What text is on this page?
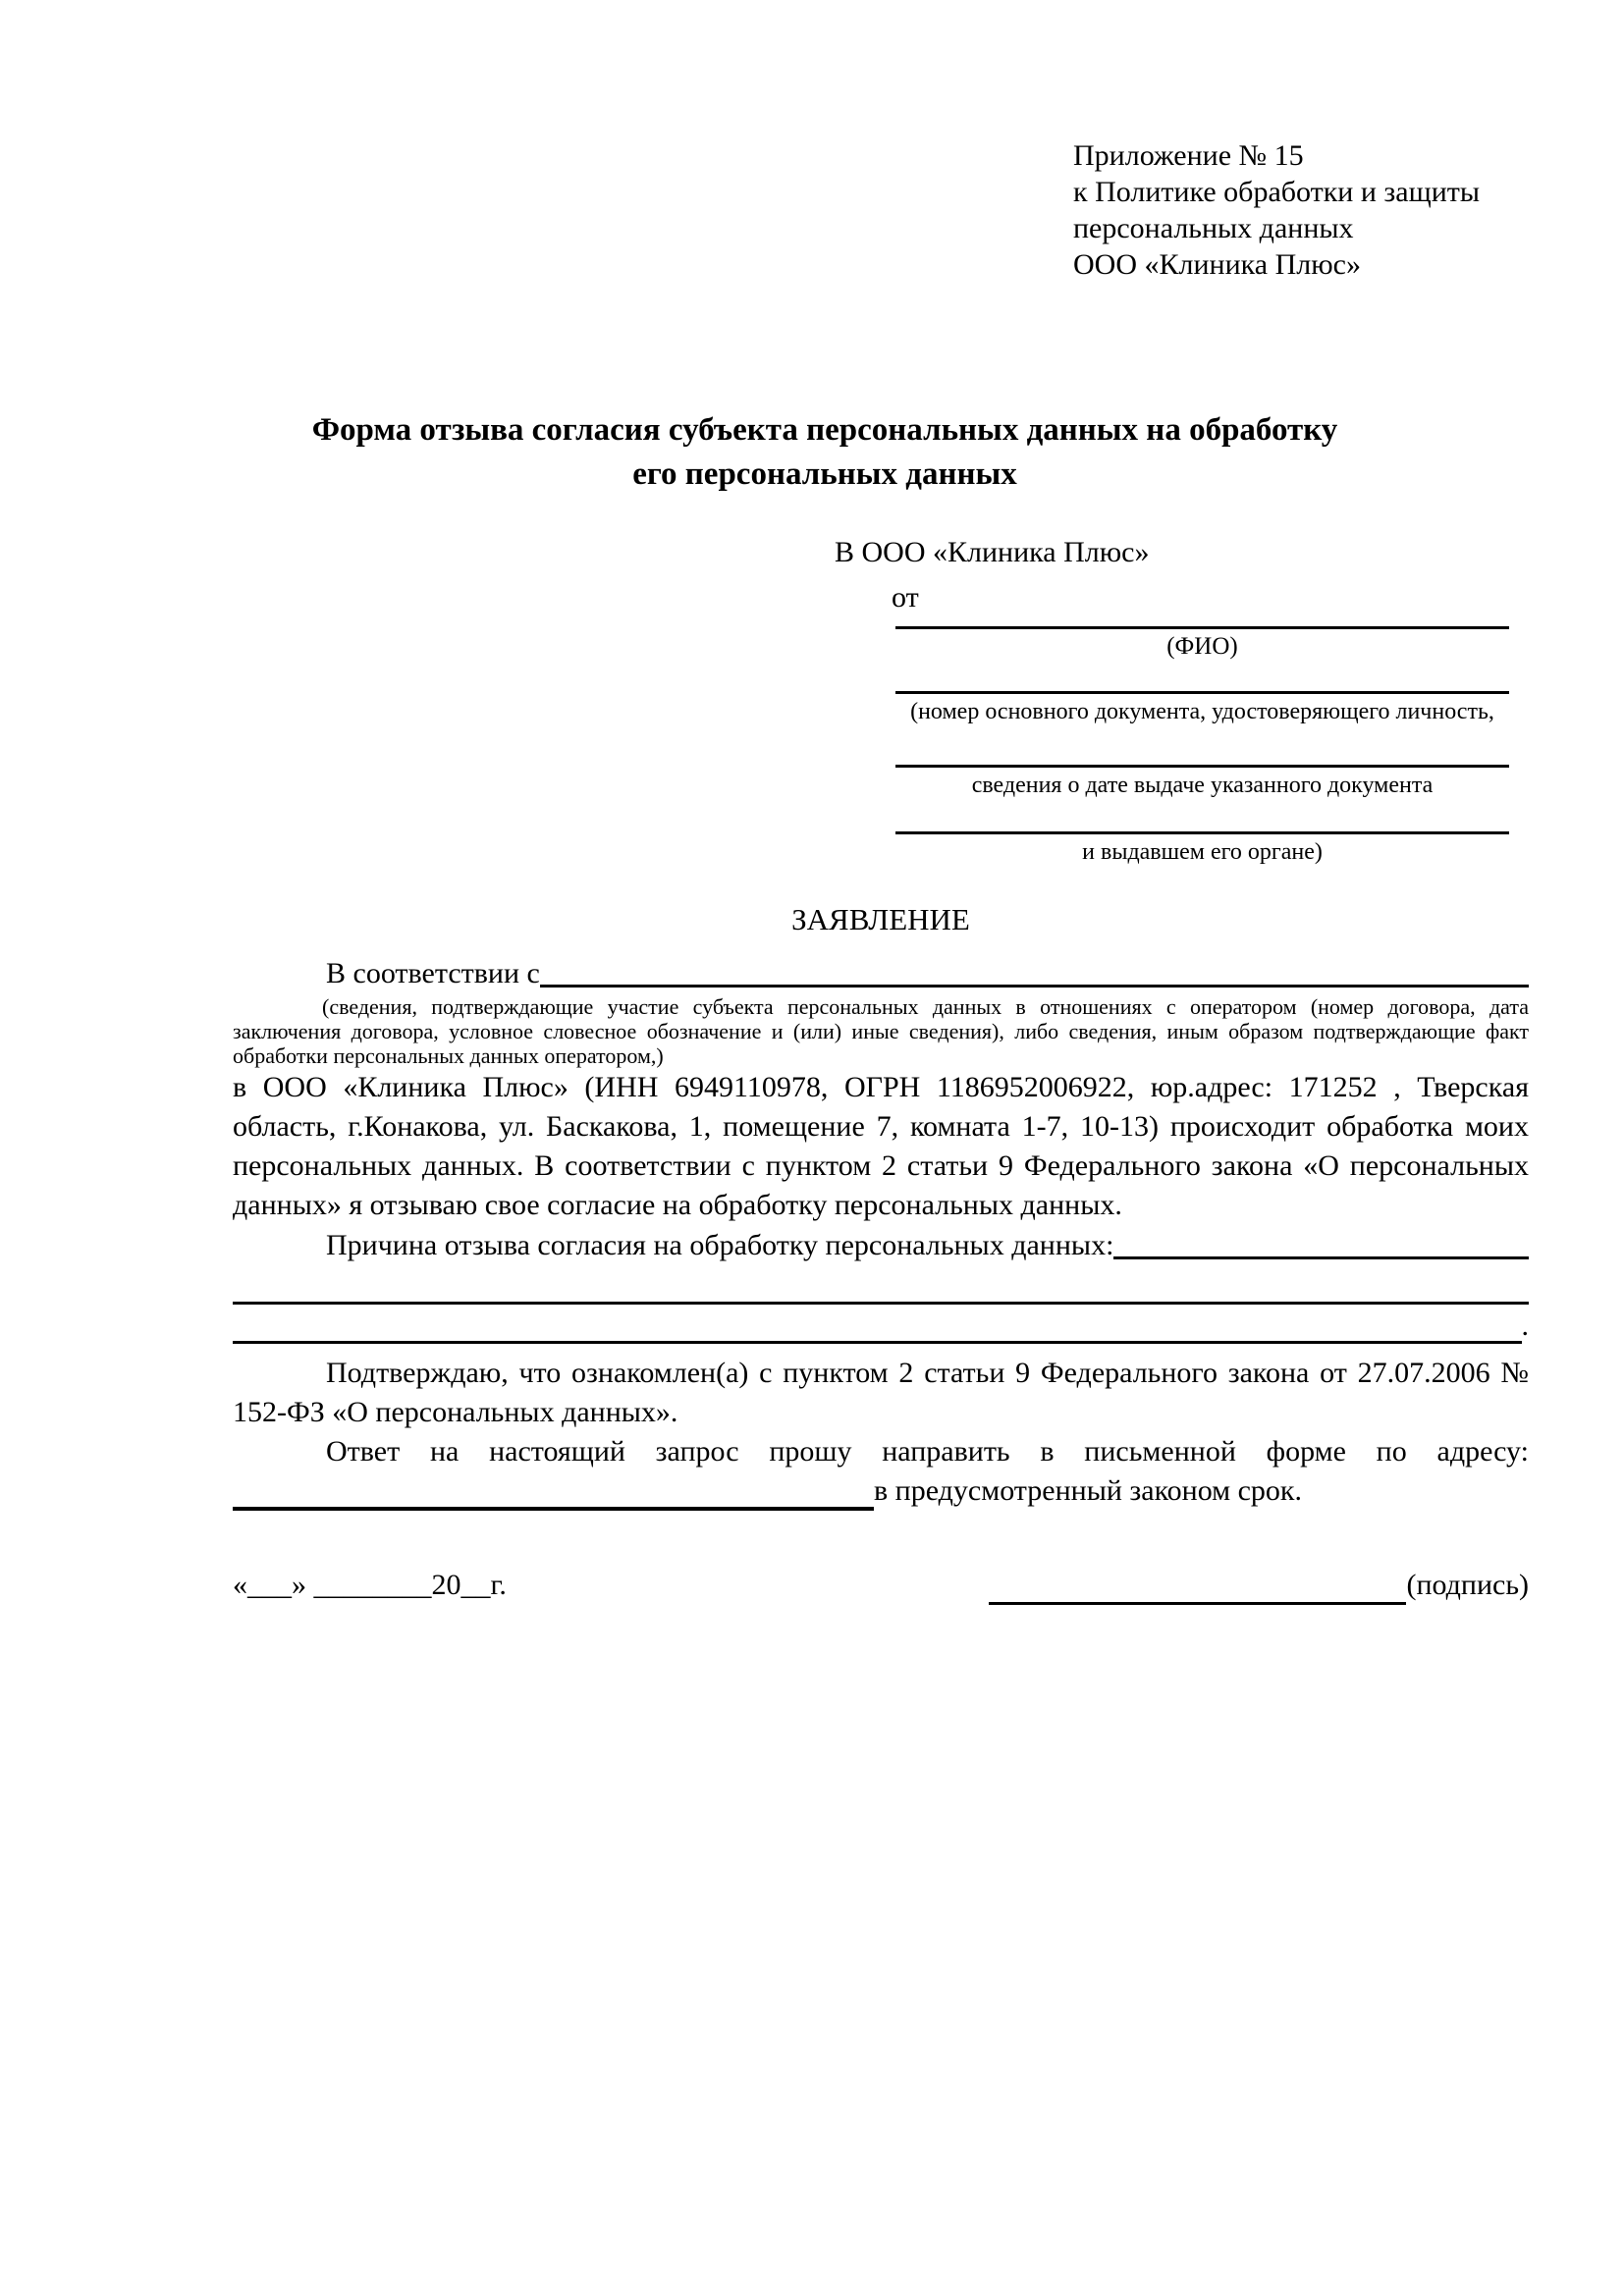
Приложение № 15
к Политике обработки и защиты
персональных данных
ООО «Клиника Плюс»
Форма отзыва согласия субъекта персональных данных на обработку
его персональных данных
В ООО «Клиника Плюс»
от
(ФИО)
(номер основного документа, удостоверяющего личность,
сведения о дате выдаче указанного документа
и выдавшем его органе)
ЗАЯВЛЕНИЕ
В соответствии с
(сведения, подтверждающие участие субъекта персональных данных в отношениях с оператором (номер договора, дата заключения договора, условное словесное обозначение и (или) иные сведения), либо сведения, иным образом подтверждающие факт обработки персональных данных оператором,)
в ООО «Клиника Плюс» (ИНН 6949110978, ОГРН 1186952006922, юр.адрес: 171252 , Тверская область, г.Конакова, ул. Баскакова, 1, помещение 7, комната 1-7, 10-13) происходит обработка моих персональных данных. В соответствии с пунктом 2 статьи 9 Федерального закона «О персональных данных» я отзываю свое согласие на обработку персональных данных.
Причина отзыва согласия на обработку персональных данных:
.
Подтверждаю, что ознакомлен(а) с пунктом 2 статьи 9 Федерального закона от 27.07.2006 № 152-ФЗ «О персональных данных».
Ответ на настоящий запрос прошу направить в письменной форме по адресу:
в предусмотренный законом срок.
«___» ________20__г.	(подпись)
